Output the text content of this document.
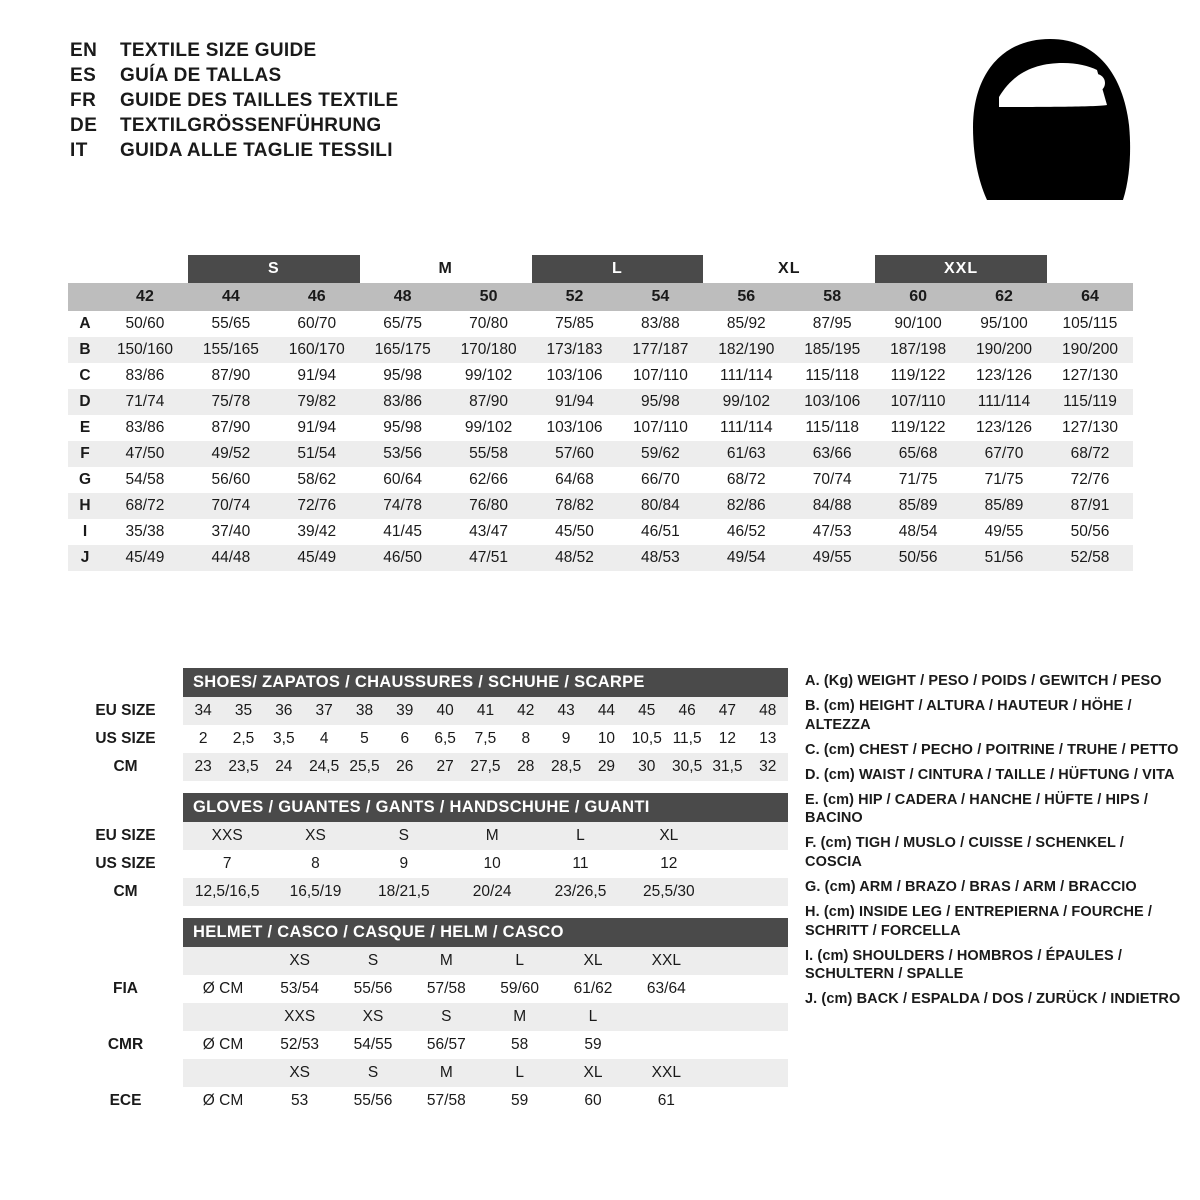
EN	TEXTILE SIZE GUIDE
ES	GUÍA DE TALLAS
FR	GUIDE DES TAILLES TEXTILE
DE	TEXTILGRÖSSENFÜHRUNG
IT	GUIDA ALLE TAGLIE TESSILI
		S		M		L		XL		XXL		
	42	44	46	48	50	52	54	56	58	60	62	64
A	50/60	55/65	60/70	65/75	70/80	75/85	83/88	85/92	87/95	90/100	95/100	105/115
B	150/160	155/165	160/170	165/175	170/180	173/183	177/187	182/190	185/195	187/198	190/200	190/200
C	83/86	87/90	91/94	95/98	99/102	103/106	107/110	111/114	115/118	119/122	123/126	127/130
D	71/74	75/78	79/82	83/86	87/90	91/94	95/98	99/102	103/106	107/110	111/114	115/119
E	83/86	87/90	91/94	95/98	99/102	103/106	107/110	111/114	115/118	119/122	123/126	127/130
F	47/50	49/52	51/54	53/56	55/58	57/60	59/62	61/63	63/66	65/68	67/70	68/72
G	54/58	56/60	58/62	60/64	62/66	64/68	66/70	68/72	70/74	71/75	71/75	72/76
H	68/72	70/74	72/76	74/78	76/80	78/82	80/84	82/86	84/88	85/89	85/89	87/91
I	35/38	37/40	39/42	41/45	43/47	45/50	46/51	46/52	47/53	48/54	49/55	50/56
J	45/49	44/48	45/49	46/50	47/51	48/52	48/53	49/54	49/55	50/56	51/56	52/58
SHOES/ ZAPATOS / CHAUSSURES / SCHUHE / SCARPE
EU SIZE	34	35	36	37	38	39	40	41	42	43	44	45	46	47	48
US SIZE	2	2,5	3,5	4	5	6	6,5	7,5	8	9	10	10,5	11,5	12	13
CM	23	23,5	24	24,5	25,5	26	27	27,5	28	28,5	29	30	30,5	31,5	32
GLOVES / GUANTES / GANTS / HANDSCHUHE / GUANTI
EU SIZE	XXS	XS	S	M	L	XL	
US SIZE	7	8	9	10	11	12	
CM	12,5/16,5	16,5/19	18/21,5	20/24	23/26,5	25,5/30	
HELMET / CASCO / CASQUE / HELM / CASCO
		XS	S	M	L	XL	XXL	
FIA	Ø CM	53/54	55/56	57/58	59/60	61/62	63/64	
		XXS	XS	S	M	L		
CMR	Ø CM	52/53	54/55	56/57	58	59		
		XS	S	M	L	XL	XXL	
ECE	Ø CM	53	55/56	57/58	59	60	61	

A. (Kg) WEIGHT / PESO / POIDS / GEWITCH / PESO

B. (cm) HEIGHT / ALTURA / HAUTEUR / HÖHE / ALTEZZA

C. (cm) CHEST / PECHO / POITRINE / TRUHE / PETTO

D. (cm) WAIST / CINTURA / TAILLE / HÜFTUNG / VITA

E. (cm) HIP / CADERA / HANCHE / HÜFTE / HIPS / BACINO

F. (cm) TIGH / MUSLO / CUISSE / SCHENKEL / COSCIA

G. (cm) ARM / BRAZO / BRAS / ARM / BRACCIO

H. (cm) INSIDE LEG / ENTREPIERNA / FOURCHE / SCHRITT / FORCELLA

I. (cm) SHOULDERS / HOMBROS / ÉPAULES / SCHULTERN / SPALLE

J. (cm) BACK / ESPALDA / DOS / ZURÜCK / INDIETRO
